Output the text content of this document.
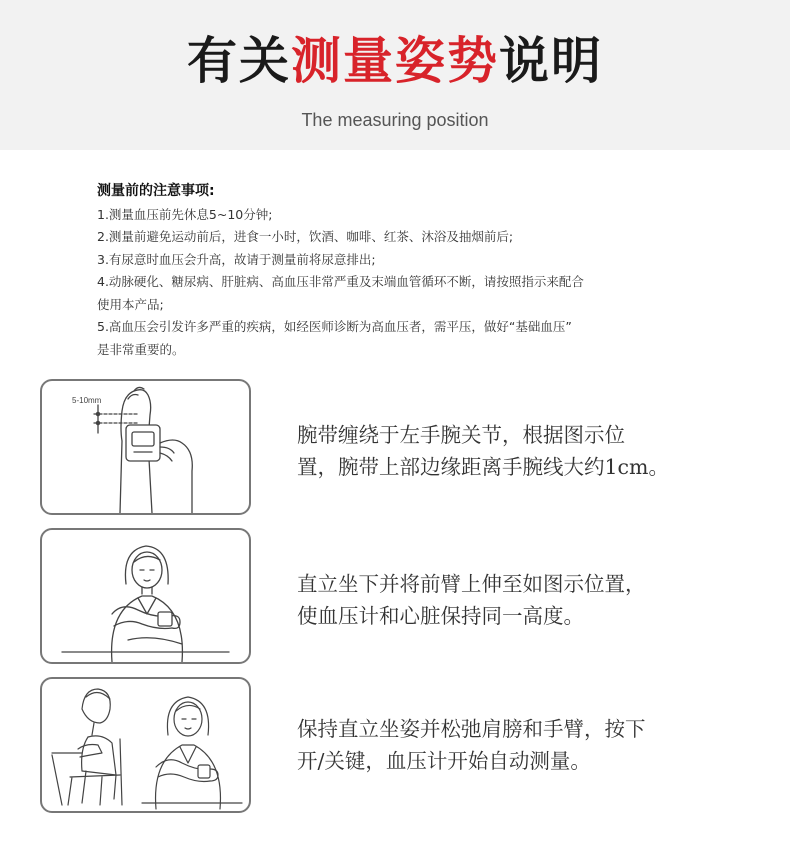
有关测量姿势说明
The measuring position
测量前的注意事项:
1.测量血压前先休息5~10分钟;
2.测量前避免运动前后，进食一小时，饮酒、咖啡、红茶、沐浴及抽烟前后;
3.有尿意时血压会升高，故请于测量前将尿意排出;
4.动脉硬化、糖尿病、肝脏病、高血压非常严重及末端血管循环不断，请按照指示来配合
使用本产品;
5.高血压会引发许多严重的疾病，如经医师诊断为高血压者，需平压，做好“基础血压”
是非常重要的。
5-10mm
腕带缠绕于左手腕关节，根据图示位
置，腕带上部边缘距离手腕线大约1cm。
直立坐下并将前臂上伸至如图示位置，
使血压计和心脏保持同一高度。
保持直立坐姿并松弛肩膀和手臂，按下
开/关键，血压计开始自动测量。
